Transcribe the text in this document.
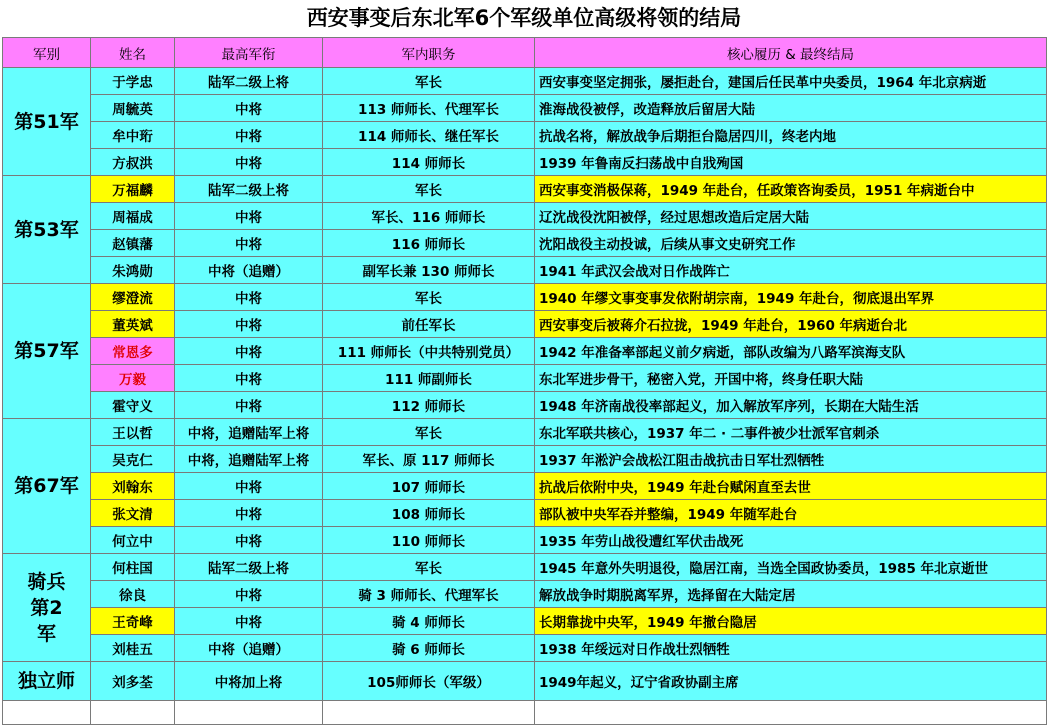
西安事变后东北军6个军级单位高级将领的结局
军别	姓名	最高军衔	军内职务	核心履历 & 最终结局
第51军	于学忠	陆军二级上将	军长	西安事变坚定拥张，屡拒赴台，建国后任民革中央委员，1964 年北京病逝
	周毓英	中将	113 师师长、代理军长	淮海战役被俘，改造释放后留居大陆
	牟中珩	中将	114 师师长、继任军长	抗战名将，解放战争后期拒台隐居四川，终老内地
	方叔洪	中将	114 师师长	1939 年鲁南反扫荡战中自戕殉国
第53军	万福麟	陆军二级上将	军长	西安事变消极保蒋，1949 年赴台，任政策咨询委员，1951 年病逝台中
	周福成	中将	军长、116 师师长	辽沈战役沈阳被俘，经过思想改造后定居大陆
	赵镇藩	中将	116 师师长	沈阳战役主动投诚，后续从事文史研究工作
	朱鸿勋	中将（追赠）	副军长兼 130 师师长	1941 年武汉会战对日作战阵亡
第57军	缪澄流	中将	军长	1940 年缪文事变事发依附胡宗南，1949 年赴台，彻底退出军界
	董英斌	中将	前任军长	西安事变后被蒋介石拉拢，1949 年赴台，1960 年病逝台北
	常恩多	中将	111 师师长（中共特别党员）	1942 年准备率部起义前夕病逝，部队改编为八路军滨海支队
	万毅	中将	111 师副师长	东北军进步骨干，秘密入党，开国中将，终身任职大陆
	霍守义	中将	112 师师长	1948 年济南战役率部起义，加入解放军序列，长期在大陆生活
第67军	王以哲	中将，追赠陆军上将	军长	东北军联共核心，1937 年二 · 二事件被少壮派军官刺杀
	吴克仁	中将，追赠陆军上将	军长、原 117 师师长	1937 年淞沪会战松江阻击战抗击日军壮烈牺牲
	刘翰东	中将	107 师师长	抗战后依附中央，1949 年赴台赋闲直至去世
	张文清	中将	108 师师长	部队被中央军吞并整编，1949 年随军赴台
	何立中	中将	110 师师长	1935 年劳山战役遭红军伏击战死
骑兵第2军	何柱国	陆军二级上将	军长	1945 年意外失明退役，隐居江南，当选全国政协委员，1985 年北京逝世
	徐良	中将	骑 3 师师长、代理军长	解放战争时期脱离军界，选择留在大陆定居
	王奇峰	中将	骑 4 师师长	长期靠拢中央军，1949 年撤台隐居
	刘桂五	中将（追赠）	骑 6 师师长	1938 年绥远对日作战壮烈牺牲
独立师	刘多荃	中将加上将	105师师长（军级）	1949年起义，辽宁省政协副主席
